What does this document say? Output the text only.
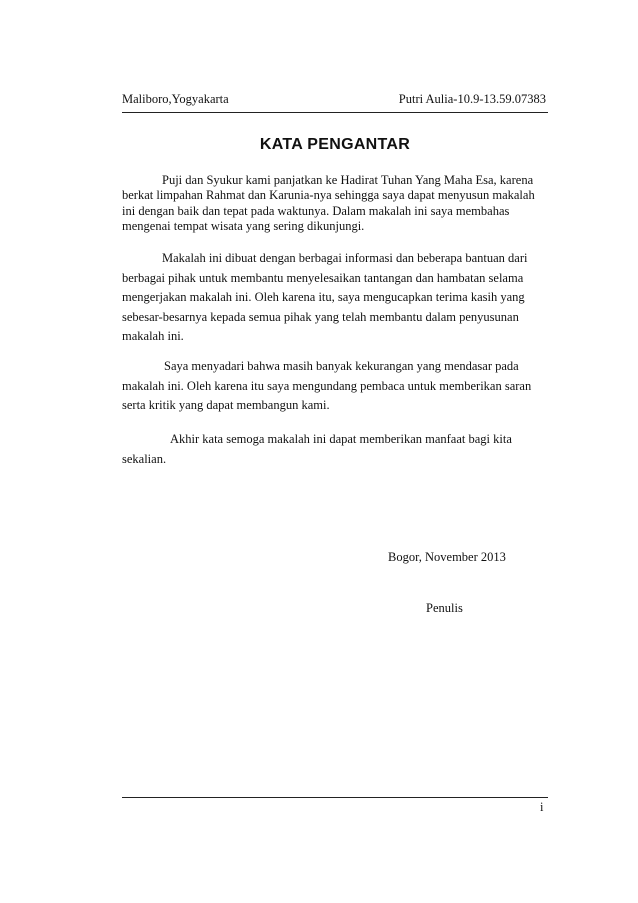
Maliboro,Yogyakarta	Putri Aulia-10.9-13.59.07383
KATA PENGANTAR

Puji dan Syukur kami panjatkan ke Hadirat Tuhan Yang Maha Esa, karena
berkat limpahan Rahmat dan Karunia-nya sehingga saya dapat menyusun makalah
ini dengan baik dan tepat pada waktunya. Dalam makalah ini saya membahas
mengenai tempat wisata yang sering dikunjungi.

Makalah ini dibuat dengan berbagai informasi dan beberapa bantuan dari
berbagai pihak untuk membantu menyelesaikan tantangan dan hambatan selama
mengerjakan makalah ini. Oleh karena itu, saya mengucapkan terima kasih yang
sebesar-besarnya kepada semua pihak yang telah membantu dalam penyusunan
makalah ini.

Saya menyadari bahwa masih banyak kekurangan yang mendasar pada
makalah ini. Oleh karena itu saya mengundang pembaca untuk memberikan saran
serta kritik yang dapat membangun kami.

Akhir kata semoga makalah ini dapat memberikan manfaat bagi kita
sekalian.

Bogor, November 2013
Penulis
i
